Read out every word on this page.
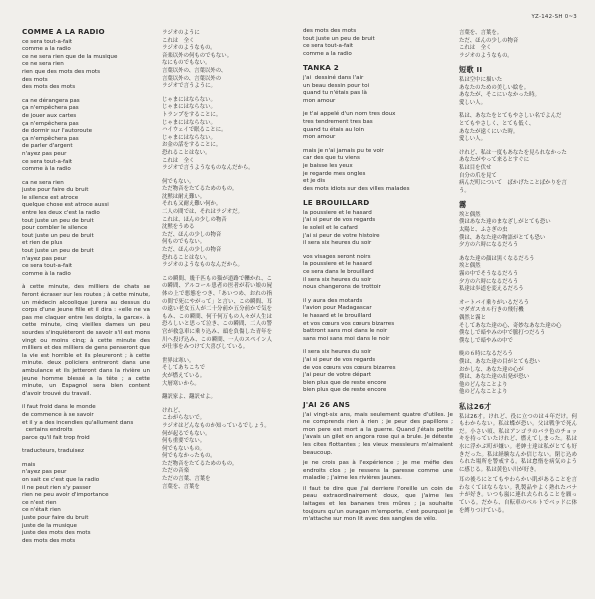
YZ-142-SH 0~3
COMME A LA RADIO

ce sera tout-a-fait
comme a la radio
ce ne sera rien que de la musique
ce ne sera rien
rien que des mots des mots
des mots
des mots des mots

ca ne dérangera pas
ça n'empêchera pas
de jouer aux cartes
ça n'empêchera pas
de dormir sur l'autoroute
ça n'empêchera pas
de parler d'argent
n'ayez pas peur
ce sera tout-a-fait
comme à la radio

ca ne sera rien
juste pour faire du bruit
le silence est atroce
quelque chose est atroce aussi
entre les deux c'est la radio
tout juste un peu de bruit
pour combler le silence
tout juste un peu de bruit
et rien de plus
tout juste un peu de bruit
n'ayez pas peur
ce sera tout-a-fait
comme à la radio

à cette minute, des milliers de chats se feront écraser sur les routes ; à cette minute, un médecin alcoolique jurera au dessus du corps d'une jeune fille et il dira : «elle ne va pas me claquer entre les doigts, la garce». à cette minute, cinq vieilles dames un peu sourdes s'inquièteront de savoir s'il est mons vingt ou moins cinq; à cette minute des milliers et des milliers de gens penseront que la vie est horrible et ils pleureront ; à cette minute. deux policiers entreront dans une ambulance et ils jetteront dans la rivière un jeune homme blessé a la tête ; a cette minute, un Espagnol sera bien content d'avoir trouvé du travail.

il faut froid dans le monde
de commence à se savoir
et il y a des incendies qu'allument dans
certains endroits
parce qu'il fait trop froid

traducteurs, traduisez

mais
n'ayez pas peur
on sait ce c'est que la radio
il ne peut rien s'y passer
rien ne peu avoir d'importance
ce n'est rien
ce n'était rien
juste pour faire du bruit
juste de la musique
juste des mots des mots
des mots des mots

ラジオのように

これは　全く
ラジオのようなもの。
音楽以外の何ものでもない。
なにものでもない。
言葉以外の、言葉以外の、
言葉以外の、言葉以外の
ラジオで言うように。

じゃまにはならない。
じゃまにはならない。
トランプをすることに。
じゃまにはならない。
ハイウェイで眠ることに。
じゃまにはならない。
お金の話をすることに。
恐れることはない。
これは　全く
ラジオで言うようなものなんだから。

何でもない。
ただ物音をたてるためのもの。
沈黙は耐え難い。
それも又耐え難い何か。
二人の間では、それはラジオだ。
これは、ほんの少しの物音
沈黙をうめる
ただ、ほんの少しの物音
何ものでもない。
ただ、ほんの少しの物音
恐れることはない。
ラジオのようなものなんだから。

この瞬間、幾千匹もの猫が道路で轢かれ、この瞬間、アルコール患者の医者が若い娘の屍体の上で悪態をつき、「あいつめ、おれの指の間で死にやがって」と言い、この瞬間、耳の遠い老女五人が二十分前か五分前かで気をもみ、この瞬間、何千何万もの人々が人生は恐ろしいと思って泣き、この瞬間、二人の警官が救急車に乗り込み、頭を負傷した青年を川へ投げ込み、この瞬間、一人のスペイン人が仕事をみつけて大喜びしている。

世界は寒い。
そしてあちこちで
火が燃えている。
大層寒いから。

翻訳家よ、翻訳せよ。

けれど、
こわがらないで。
ラジオはどんなものか知っているでしょう。
何が起るでもない。
何も重要でない。
何でもないもの。
何でもなかったもの。
ただ物音をたてるためのもの。
ただの音楽
ただの言葉、言葉を
言葉を、言葉を

des mots des mots
tout juste un peu de bruit
ce sera tout-a-fait
comme a la radio

TANKA 2

j'ai  dessiné dans l'air
un beau dessin pour toi
quand tu n'étais pas là
mon amour

je t'ai appelé d'un nom tres doux
tres tendrement tres bas
quand tu étais au loin
mon amour

mais je n'ai jamais pu te voir
car des que tu viens
je baisse les yeux
je regarde mes ongles
et je dis
des mots idiots sur des villes malades

LE BROUILLARD

la poussiere et le hasard
j'ai si peur de vos regards
le soleil et le cafard
j'ai si peur de votre histoire
il sera six heures du soir

vos visages seront noirs
la poussiere et le hasard
ce sera dans le brouillard
il sera six heures du soir
nous changerons de trottoir

il y aura des motards
l'avion pour Madagascar
le hasard et le brouillard
et vos cœurs vos cœurs bizarres
battront sans moi dans le noir
sans moi sans moi dans le noir

il sera six heures du soir
j'ai si peur de vos regards
de vos cœurs vos cœurs bizarres
j'ai peur de votre départ
bien plus que de reste encore
bien plus que de reste encore

J'AI 26 ANS

j'ai vingt-six ans, mais seulement quatre d'utiles. Je ne comprends rien à rien ; je peur des papillons ; mon pere est mort a la guerre. Quand j'étais petite j'avais un gilet en angora rose qui a brule. Je déteste les cites flottantes ; les vieux messieurs m'aimaient beaucoup.

je ne crois pas à l'expérience ; je me méfie des endroits clos ; je ressens la paresse comme une maladie ; j'aime les rivières jaunes.

il faut te dire que j'ai derriere l'oreille un coin de peau extraordinairement doux, que j'aime les laitages et les bananes tres mûres ; ja souhaite toujours qu'un ouragan m'emporte, c'est pourquoi je m'attache sur mon lit avec des sangles de vélo.

言葉を、言葉を。
ただ、ほんの少しの物音
これは　全く
ラジオのようなもの。

短歌 II

私は空中に描いた
あなたのための美しい絵を。
あなたが、そこにいなかった時。
愛しい人。

私は、あなたをとてもやさしい名でよんだ
とてもやさしく、とても低く、
あなたが遠くにいた時。
愛しい人。

けれど、私は一度もあなたを見られなかった
あなたがやって来るとすぐに
私は目を伏せ
自分の爪を見て
病んだ町について　ばかげたことばかりを言う。

霧

埃と偶然
僕はあなた達のまなざしがとても恐い
太陽と、ふさぎの虫
僕は、あなた達の物語がとても恐い
夕方の六時になるだろう

あなた達の顔は黒くなるだろう
埃と偶然
霧の中でそうなるだろう
夕方の六時になるだろう
私達は歩道を変えるだろう

オートバイ乗りがいるだろう
マダガスカル行きの飛行機
偶然と霧と
そしてあなた達の心、奇妙なあなた達の心
僕なしで暗やみの中で脈打つだろう
僕なしで暗やみの中で

晩の６時になるだろう
僕は、あなた達の目がとても恐い
おかしな、あなた達の心が
僕は、あなた達の出発が恐い
他のどんなことより
他のどんなことより

私は26才

私は26才。けれど、役に立つのは４年だけ。何もわからない。私は蝶が恐い。父は戦争で死んだ。小さい頃、私はアンゴラのバラ色のチョッキを持っていたけれど、燃えてしまった。私は水に浮かぶ町が嫌い。老紳士達は私がとても好きだった。私は経験なんか信じない。閉じ込められた場所を警戒する。私は怠惰を病気のように感じる。私は黄色い川が好き。

耳の後ろにとてもやわらかい肌があることを言わなくてはならない。乳製品やよく熟れたバナナが好き。いつも嵐に連れ去られることを願っている。だから、自転車のベルトでベッドに体を縛りつけている。
